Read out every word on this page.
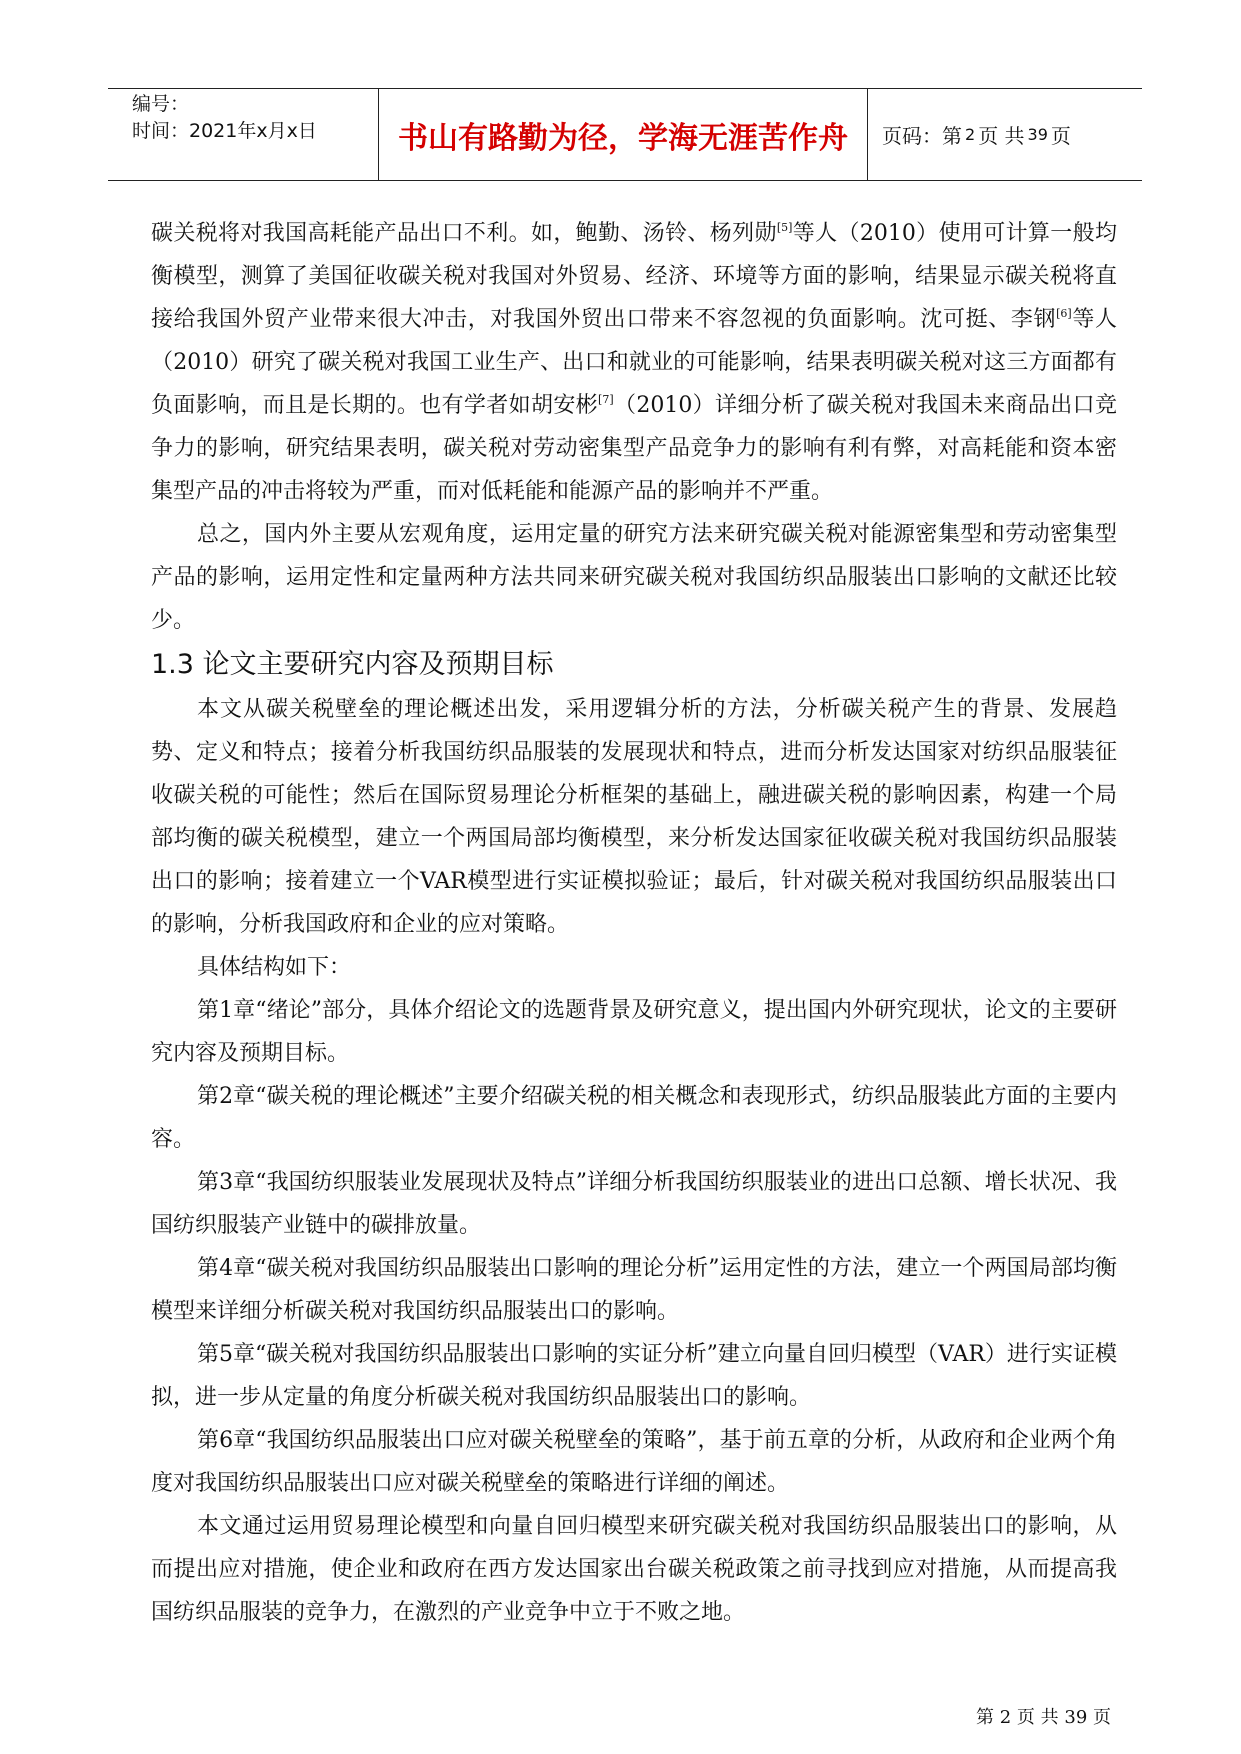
编号：
时间：2021年x月x日	书山有路勤为径，学海无涯苦作舟 页码：第 2 页 共 39 页

碳关税将对我国高耗能产品出口不利。如，鲍勤、汤铃、杨列勋[5]等人（2010）使用可计算一般均衡模型，测算了美国征收碳关税对我国对外贸易、经济、环境等方面的影响，结果显示碳关税将直接给我国外贸产业带来很大冲击，对我国外贸出口带来不容忽视的负面影响。沈可挺、李钢[6]等人（2010）研究了碳关税对我国工业生产、出口和就业的可能影响，结果表明碳关税对这三方面都有负面影响，而且是长期的。也有学者如胡安彬[7]（2010）详细分析了碳关税对我国未来商品出口竞争力的影响，研究结果表明，碳关税对劳动密集型产品竞争力的影响有利有弊，对高耗能和资本密集型产品的冲击将较为严重，而对低耗能和能源产品的影响并不严重。

总之，国内外主要从宏观角度，运用定量的研究方法来研究碳关税对能源密集型和劳动密集型产品的影响，运用定性和定量两种方法共同来研究碳关税对我国纺织品服装出口影响的文献还比较少。

1.3 论文主要研究内容及预期目标

本文从碳关税壁垒的理论概述出发，采用逻辑分析的方法，分析碳关税产生的背景、发展趋势、定义和特点；接着分析我国纺织品服装的发展现状和特点，进而分析发达国家对纺织品服装征收碳关税的可能性；然后在国际贸易理论分析框架的基础上，融进碳关税的影响因素，构建一个局部均衡的碳关税模型，建立一个两国局部均衡模型，来分析发达国家征收碳关税对我国纺织品服装出口的影响；接着建立一个VAR模型进行实证模拟验证；最后，针对碳关税对我国纺织品服装出口的影响，分析我国政府和企业的应对策略。

具体结构如下：

第1章“绪论”部分，具体介绍论文的选题背景及研究意义，提出国内外研究现状，论文的主要研究内容及预期目标。

第2章“碳关税的理论概述”主要介绍碳关税的相关概念和表现形式，纺织品服装此方面的主要内容。

第3章“我国纺织服装业发展现状及特点”详细分析我国纺织服装业的进出口总额、增长状况、我国纺织服装产业链中的碳排放量。

第4章“碳关税对我国纺织品服装出口影响的理论分析”运用定性的方法，建立一个两国局部均衡模型来详细分析碳关税对我国纺织品服装出口的影响。

第5章“碳关税对我国纺织品服装出口影响的实证分析”建立向量自回归模型（VAR）进行实证模拟，进一步从定量的角度分析碳关税对我国纺织品服装出口的影响。

第6章“我国纺织品服装出口应对碳关税壁垒的策略”，基于前五章的分析，从政府和企业两个角度对我国纺织品服装出口应对碳关税壁垒的策略进行详细的阐述。

本文通过运用贸易理论模型和向量自回归模型来研究碳关税对我国纺织品服装出口的影响，从而提出应对措施，使企业和政府在西方发达国家出台碳关税政策之前寻找到应对措施，从而提高我国纺织品服装的竞争力，在激烈的产业竞争中立于不败之地。

第 2 页 共 39 页
